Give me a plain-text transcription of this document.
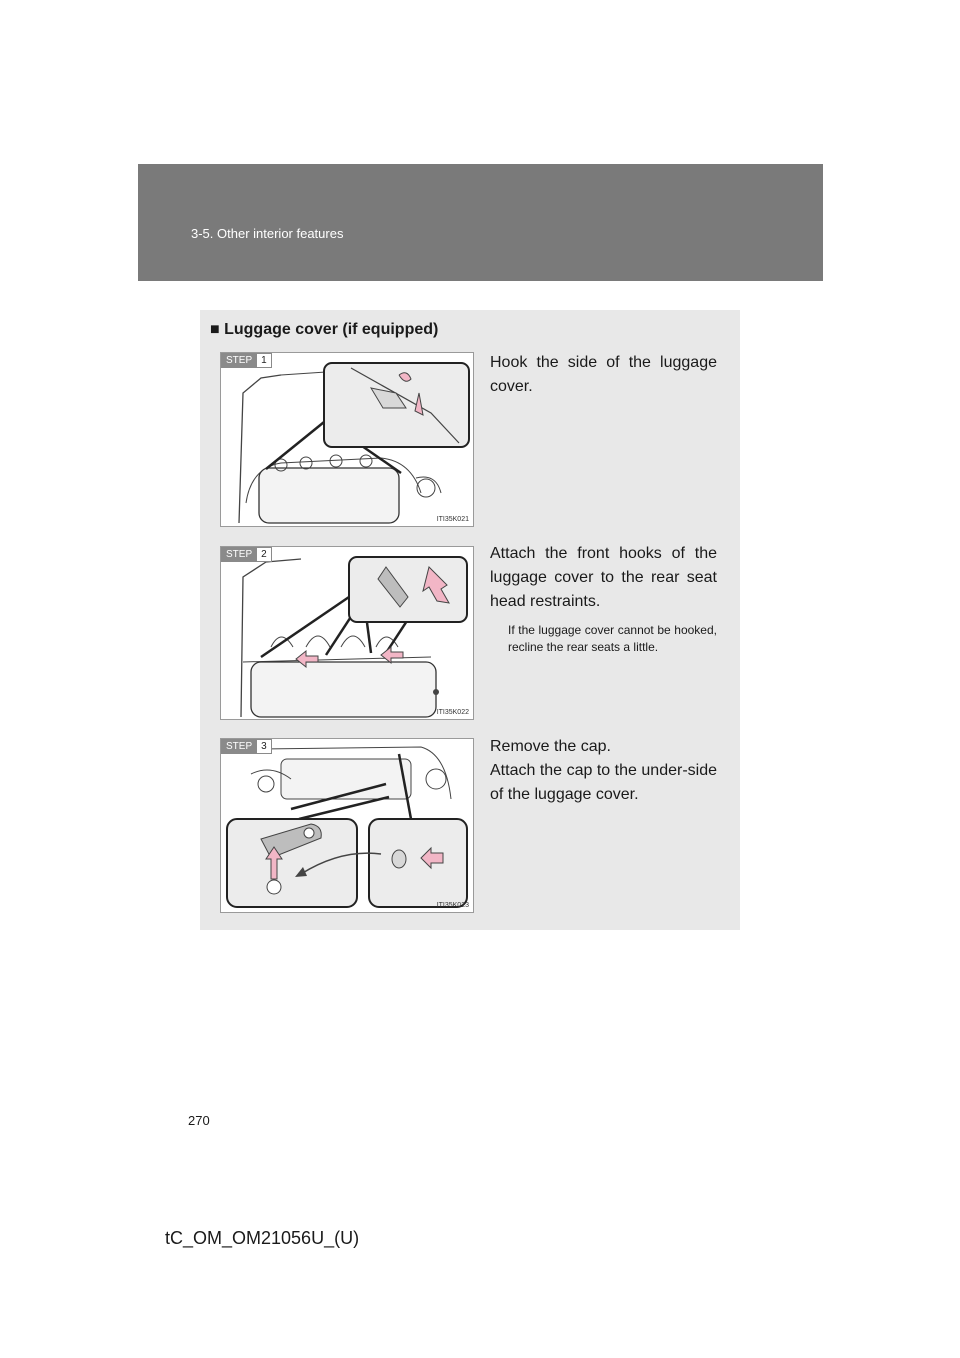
3-5. Other interior features
■ Luggage cover (if equipped)
STEP 1
ITI35K021
Hook the side of the luggage cover.
STEP 2
ITI35K022
Attach the front hooks of the luggage cover to the rear seat head restraints.
If the luggage cover cannot be hooked, recline the rear seats a little.
STEP 3
ITI35K023
Remove the cap.
Attach the cap to the under-side of the luggage cover.
270
tC_OM_OM21056U_(U)
